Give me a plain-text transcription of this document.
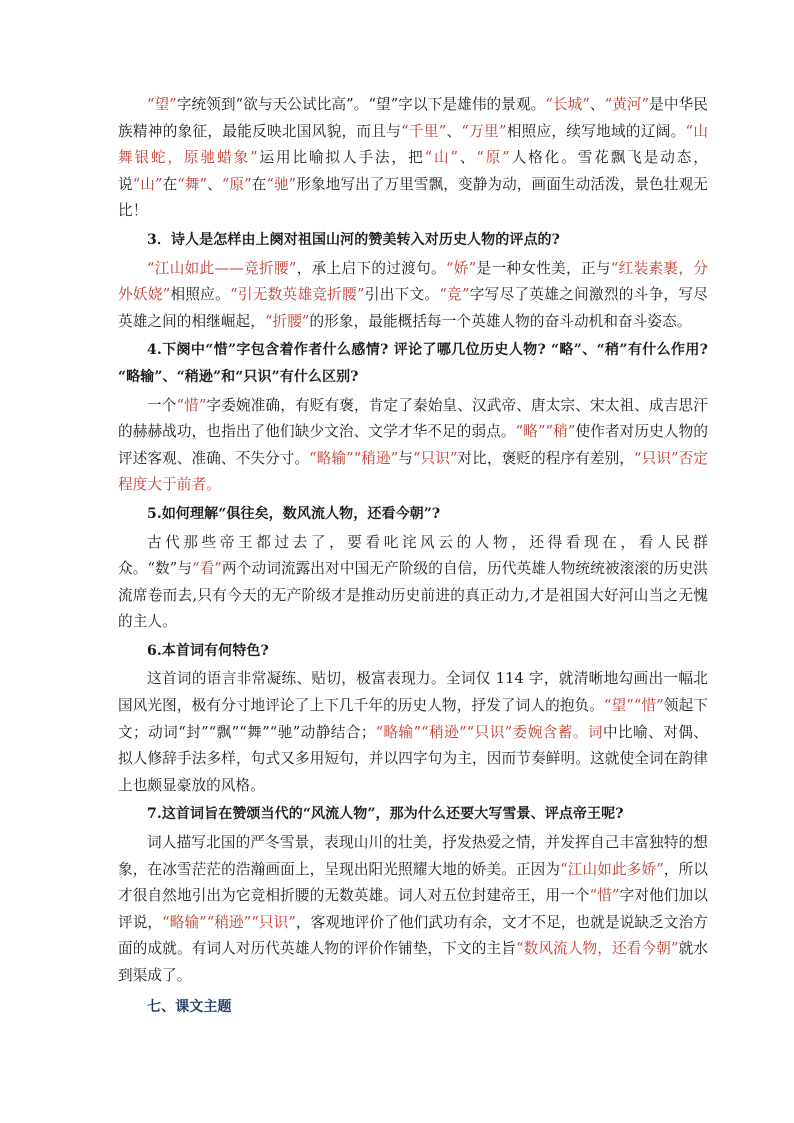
“望”字统领到“欲与天公试比高”。“望”字以下是雄伟的景观。“长城”、“黄河”是中华民族精神的象征，最能反映北国风貌，而且与“千里”、“万里”相照应，续写地域的辽阔。“山舞银蛇，原驰蜡象”运用比喻拟人手法，把“山”、“原”人格化。雪花飘飞是动态，说“山”在“舞”、“原”在“驰”形象地写出了万里雪飘，变静为动，画面生动活泼，景色壮观无比！

3．诗人是怎样由上阕对祖国山河的赞美转入对历史人物的评点的?

“江山如此——竞折腰”，承上启下的过渡句。“娇”是一种女性美，正与“红装素裹，分外妖娆”相照应。“引无数英雄竞折腰”引出下文。“竞”字写尽了英雄之间激烈的斗争，写尽英雄之间的相继崛起，“折腰”的形象，最能概括每一个英雄人物的奋斗动机和奋斗姿态。

4.下阕中“惜”字包含着作者什么感情? 评论了哪几位历史人物? “略”、“稍”有什么作用? “略输”、“稍逊”和“只识”有什么区别?

一个“惜”字委婉准确，有贬有褒，肯定了秦始皇、汉武帝、唐太宗、宋太祖、成吉思汗的赫赫战功，也指出了他们缺少文治、文学才华不足的弱点。“略”“稍”使作者对历史人物的评述客观、准确、不失分寸。“略输”“稍逊”与“只识”对比，褒贬的程序有差别，“只识”否定程度大于前者。

5.如何理解“俱往矣，数风流人物，还看今朝”?

古代那些帝王都过去了，要看叱诧风云的人物，还得看现在，看人民群众。“数”与“看”两个动词流露出对中国无产阶级的自信，历代英雄人物统统被滚滚的历史洪流席卷而去,只有今天的无产阶级才是推动历史前进的真正动力,才是祖国大好河山当之无愧的主人。

6.本首词有何特色?

这首词的语言非常凝练、贴切，极富表现力。全词仅 114 字，就清晰地勾画出一幅北国风光图，极有分寸地评论了上下几千年的历史人物，抒发了词人的抱负。“望”“惜”领起下文；动词“封”“飘”“舞”“驰”动静结合；“略输”“稍逊”“只识”委婉含蓄。词中比喻、对偶、拟人修辞手法多样，句式又多用短句，并以四字句为主，因而节奏鲜明。这就使全词在韵律上也颇显豪放的风格。

7.这首词旨在赞颂当代的“风流人物”，那为什么还要大写雪景、评点帝王呢?

词人描写北国的严冬雪景，表现山川的壮美，抒发热爱之情，并发挥自己丰富独特的想象，在冰雪茫茫的浩瀚画面上，呈现出阳光照耀大地的娇美。正因为“江山如此多娇”，所以才很自然地引出为它竞相折腰的无数英雄。词人对五位封建帝王，用一个“惜”字对他们加以评说，“略输”“稍逊”“只识”，客观地评价了他们武功有余，文才不足，也就是说缺乏文治方面的成就。有词人对历代英雄人物的评价作铺垫，下文的主旨“数风流人物，还看今朝”就水到渠成了。

七、课文主题
